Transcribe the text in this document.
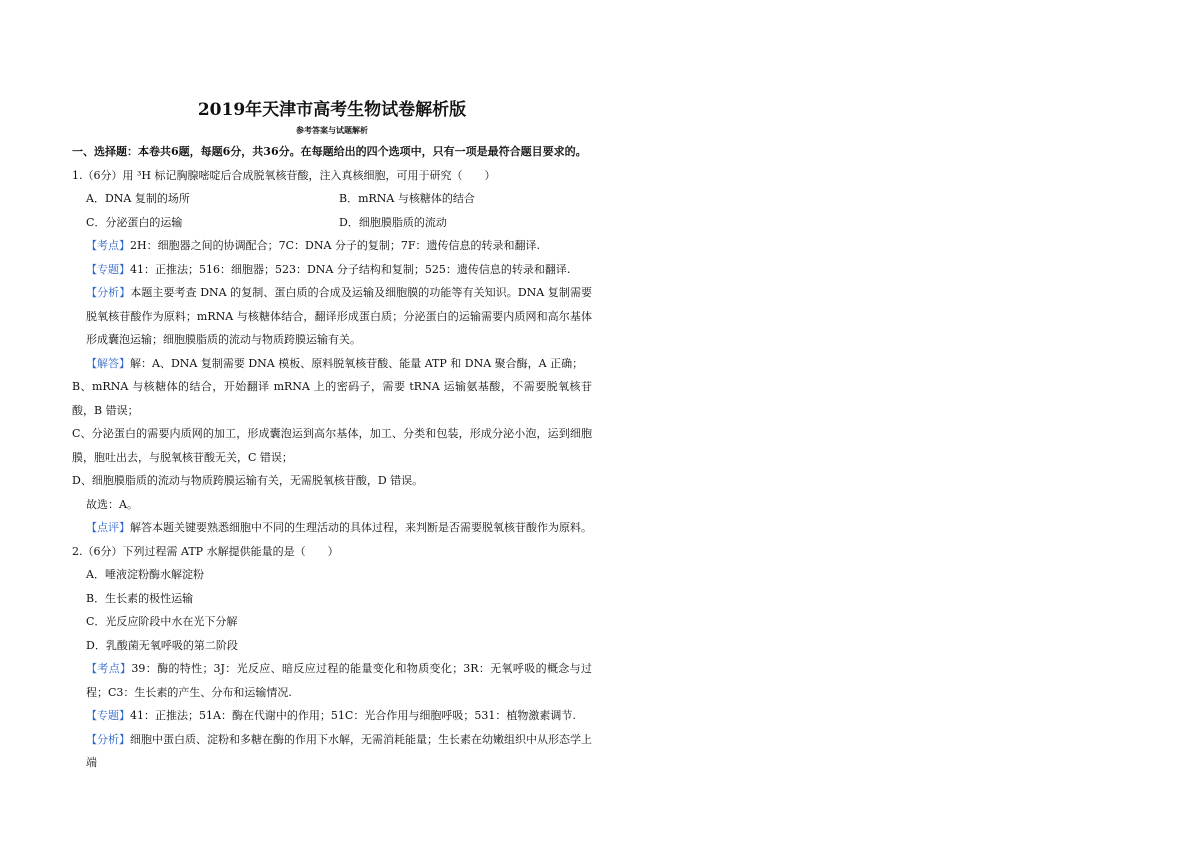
2019年天津市高考生物试卷解析版
参考答案与试题解析

一、选择题：本卷共6题，每题6分，共36分。在每题给出的四个选项中，只有一项是最符合题目要求的。

1.（6分）用 ³H 标记胸腺嘧啶后合成脱氧核苷酸，注入真核细胞，可用于研究（　　）

A．DNA 复制的场所	B．mRNA 与核糖体的结合
C．分泌蛋白的运输	D．细胞膜脂质的流动

【考点】2H：细胞器之间的协调配合；7C：DNA 分子的复制；7F：遗传信息的转录和翻译.

【专题】41：正推法；516：细胞器；523：DNA 分子结构和复制；525：遗传信息的转录和翻译.

【分析】本题主要考查 DNA 的复制、蛋白质的合成及运输及细胞膜的功能等有关知识。DNA 复制需要脱氧核苷酸作为原料；mRNA 与核糖体结合，翻译形成蛋白质；分泌蛋白的运输需要内质网和高尔基体形成囊泡运输；细胞膜脂质的流动与物质跨膜运输有关。

【解答】解：A、DNA 复制需要 DNA 模板、原料脱氧核苷酸、能量 ATP 和 DNA 聚合酶，A 正确；

B、mRNA 与核糖体的结合，开始翻译 mRNA 上的密码子，需要 tRNA 运输氨基酸，不需要脱氧核苷酸，B 错误；

C、分泌蛋白的需要内质网的加工，形成囊泡运到高尔基体，加工、分类和包装，形成分泌小泡，运到细胞膜，胞吐出去，与脱氧核苷酸无关，C 错误；

D、细胞膜脂质的流动与物质跨膜运输有关，无需脱氧核苷酸，D 错误。

故选：A。

【点评】解答本题关键要熟悉细胞中不同的生理活动的具体过程，来判断是否需要脱氧核苷酸作为原料。

2.（6分）下列过程需 ATP 水解提供能量的是（　　）

A．唾液淀粉酶水解淀粉

B．生长素的极性运输

C．光反应阶段中水在光下分解

D．乳酸菌无氧呼吸的第二阶段

【考点】39：酶的特性；3J：光反应、暗反应过程的能量变化和物质变化；3R：无氧呼吸的概念与过程；C3：生长素的产生、分布和运输情况.

【专题】41：正推法；51A：酶在代谢中的作用；51C：光合作用与细胞呼吸；531：植物激素调节.

【分析】细胞中蛋白质、淀粉和多糖在酶的作用下水解，无需消耗能量；生长素在幼嫩组织中从形态学上端
